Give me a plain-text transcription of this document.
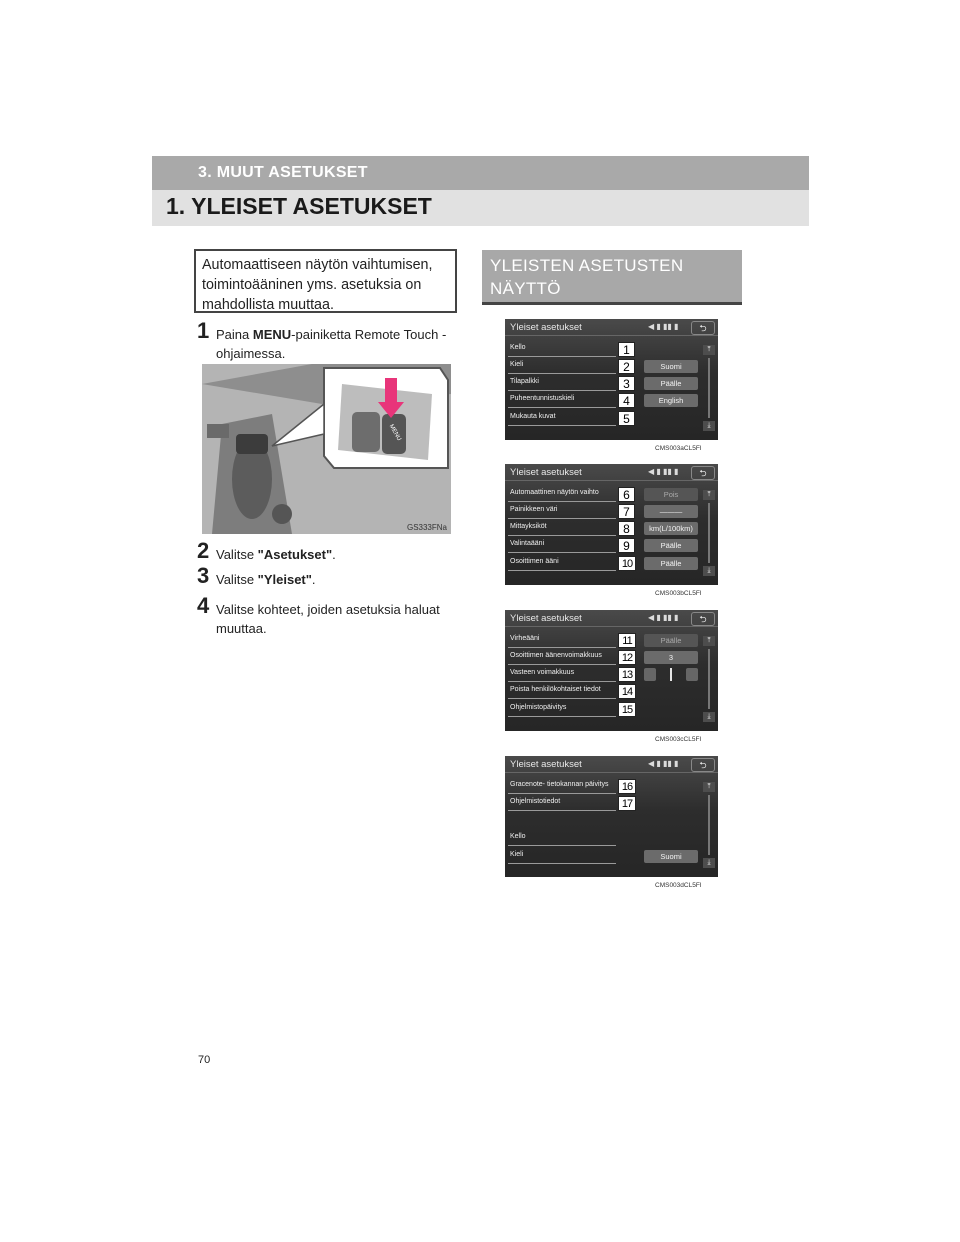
3. MUUT ASETUKSET
1. YLEISET ASETUKSET
Automaattiseen näytön vaihtumisen,
toimintoääninen yms. asetuksia on
mahdollista muuttaa.
1 Paina MENU-painiketta Remote Touch -ohjaimessa.
MENU
GS333FNa
2 Valitse "Asetukset".
3 Valitse "Yleiset".
4 Valitse kohteet, joiden asetuksia haluat muuttaa.
YLEISTEN ASETUSTEN
NÄYTTÖ
Yleiset asetukset	◀ ▮ ▮▮ ▮	⮌
Kello	1
Kieli	2	Suomi
Tilapalkki	3	Päälle
Puheentunnistuskieli	4	English
Mukauta kuvat	5
⤒
⤓
CMS003aCL5FI
Yleiset asetukset	◀ ▮ ▮▮ ▮	⮌
Automaattinen näytön vaihto	6	Pois
Painikkeen väri	7	———
Mittayksiköt	8	km(L/100km)
Valintaääni	9	Päälle
Osoittimen ääni	10	Päälle
⤒
⤓
CMS003bCL5FI
Yleiset asetukset	◀ ▮ ▮▮ ▮	⮌
Virheääni	11	Päälle
Osoittimen äänenvoimakkuus	12	3
Vasteen voimakkuus	13
Poista henkilökohtaiset tiedot	14
Ohjelmistopäivitys	15
⤒
⤓
CMS003cCL5FI
Yleiset asetukset	◀ ▮ ▮▮ ▮	⮌
Gracenote- tietokannan päivitys	16
Ohjelmistotiedot	17
Kello
Kieli	Suomi
⤒
⤓
CMS003dCL5FI
70
